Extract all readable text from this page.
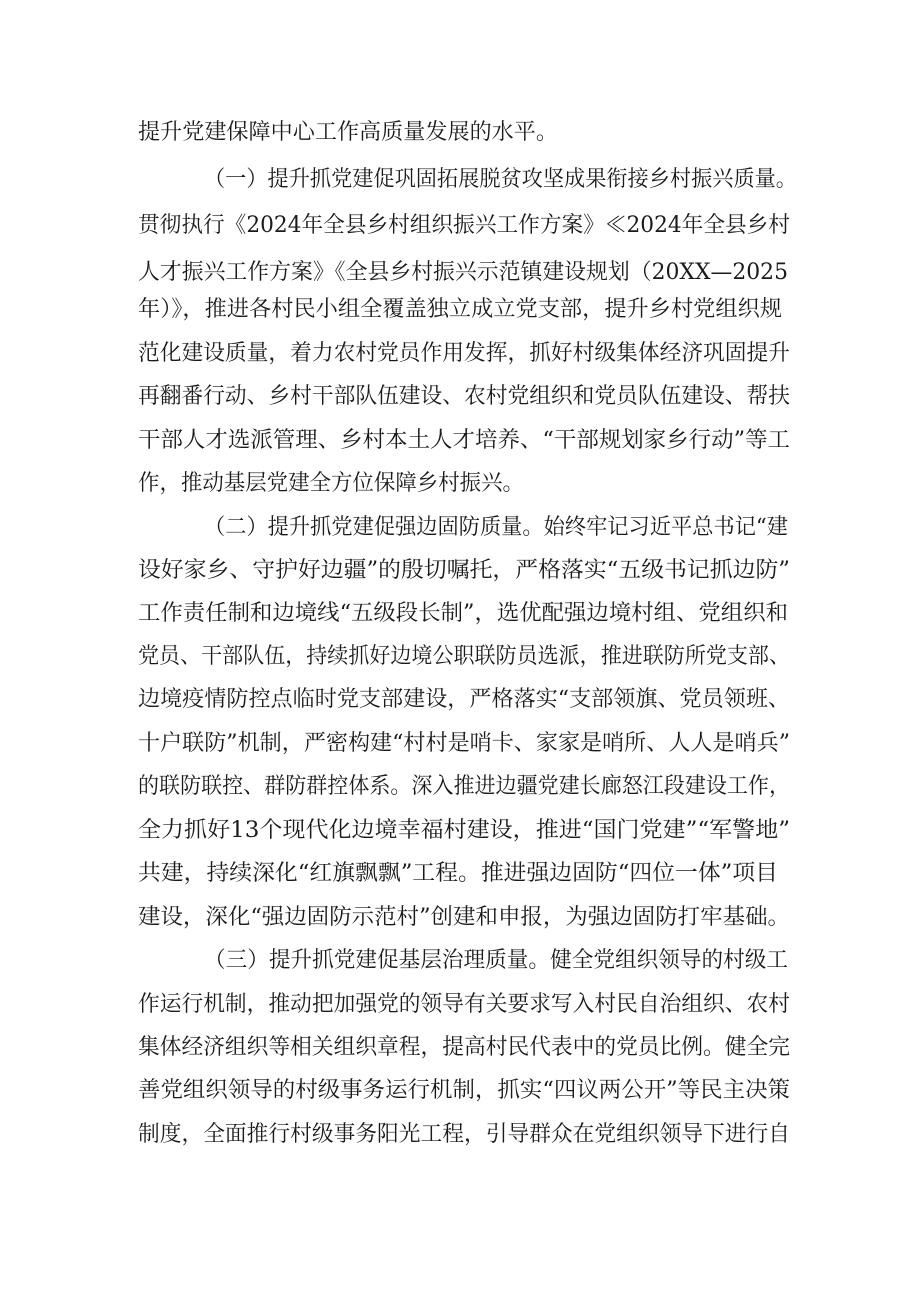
提升党建保障中心工作高质量发展的水平。
（一）提升抓党建促巩固拓展脱贫攻坚成果衔接乡村振兴质量。
贯彻执行《2024年全县乡村组织振兴工作方案》≪2024年全县乡村
人才振兴工作方案》《全县乡村振兴示范镇建设规划（20XX—2025
年）》，推进各村民小组全覆盖独立成立党支部，提升乡村党组织规
范化建设质量，着力农村党员作用发挥，抓好村级集体经济巩固提升
再翻番行动、乡村干部队伍建设、农村党组织和党员队伍建设、帮扶
干部人才选派管理、乡村本土人才培养、“干部规划家乡行动”等工
作，推动基层党建全方位保障乡村振兴。
（二）提升抓党建促强边固防质量。始终牢记习近平总书记“建
设好家乡、守护好边疆”的殷切嘱托，严格落实“五级书记抓边防”
工作责任制和边境线“五级段长制”，选优配强边境村组、党组织和
党员、干部队伍，持续抓好边境公职联防员选派，推进联防所党支部、
边境疫情防控点临时党支部建设，严格落实“支部领旗、党员领班、
十户联防”机制，严密构建“村村是哨卡、家家是哨所、人人是哨兵”
的联防联控、群防群控体系。深入推进边疆党建长廊怒江段建设工作，
全力抓好13个现代化边境幸福村建设，推进“国门党建”“军警地”
共建，持续深化“红旗飘飘”工程。推进强边固防“四位一体”项目
建设，深化“强边固防示范村”创建和申报，为强边固防打牢基础。
（三）提升抓党建促基层治理质量。健全党组织领导的村级工
作运行机制，推动把加强党的领导有关要求写入村民自治组织、农村
集体经济组织等相关组织章程，提高村民代表中的党员比例。健全完
善党组织领导的村级事务运行机制，抓实“四议两公开”等民主决策
制度，全面推行村级事务阳光工程，引导群众在党组织领导下进行自
